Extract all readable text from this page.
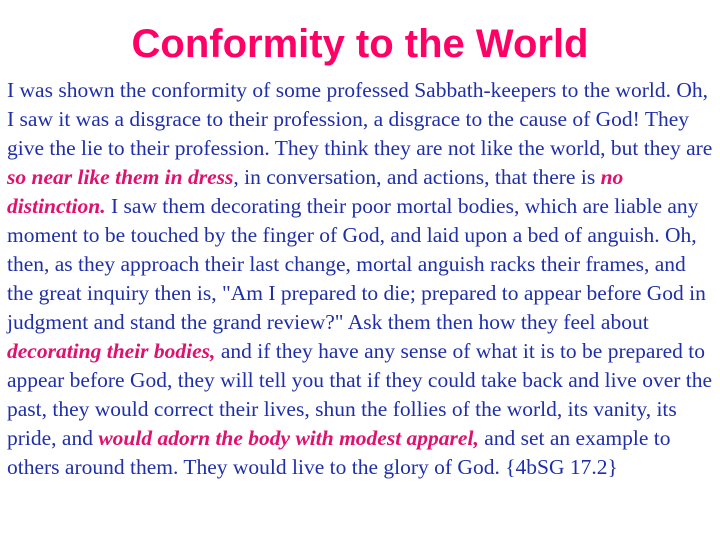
Conformity to the World

I was shown the conformity of some professed Sabbath-keepers to the world. Oh, I saw it was a disgrace to their profession, a disgrace to the cause of God! They give the lie to their profession. They think they are not like the world, but they are so near like them in dress, in conversation, and actions, that there is no distinction. I saw them decorating their poor mortal bodies, which are liable any moment to be touched by the finger of God, and laid upon a bed of anguish. Oh, then, as they approach their last change, mortal anguish racks their frames, and the great inquiry then is, "Am I prepared to die; prepared to appear before God in judgment and stand the grand review?" Ask them then how they feel about decorating their bodies, and if they have any sense of what it is to be prepared to appear before God, they will tell you that if they could take back and live over the past, they would correct their lives, shun the follies of the world, its vanity, its pride, and would adorn the body with modest apparel, and set an example to others around them. They would live to the glory of God. {4bSG 17.2}
